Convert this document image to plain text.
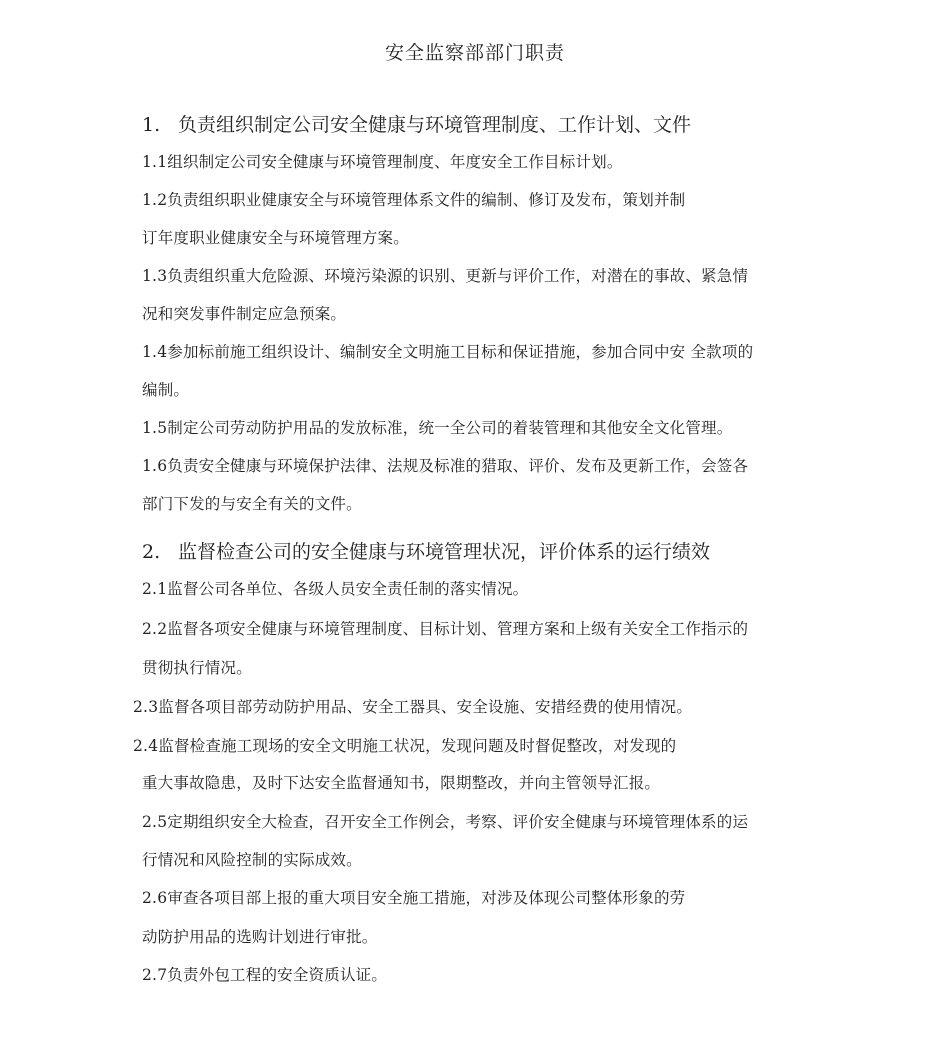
安全监察部部门职责
1. 负责组织制定公司安全健康与环境管理制度、工作计划、文件
1.1组织制定公司安全健康与环境管理制度、年度安全工作目标计划。
1.2负责组织职业健康安全与环境管理体系文件的编制、修订及发布，策划并制
订年度职业健康安全与环境管理方案。
1.3负责组织重大危险源、环境污染源的识别、更新与评价工作，对潜在的事故、紧急情
况和突发事件制定应急预案。
1.4参加标前施工组织设计、编制安全文明施工目标和保证措施，参加合同中安 全款项的
编制。
1.5制定公司劳动防护用品的发放标准，统一全公司的着装管理和其他安全文化管理。
1.6负责安全健康与环境保护法律、法规及标准的猎取、评价、发布及更新工作，会签各
部门下发的与安全有关的文件。
2. 监督检查公司的安全健康与环境管理状况，评价体系的运行绩效
2.1监督公司各单位、各级人员安全责任制的落实情况。
2.2监督各项安全健康与环境管理制度、目标计划、管理方案和上级有关安全工作指示的
贯彻执行情况。
2.3监督各项目部劳动防护用品、安全工器具、安全设施、安措经费的使用情况。
2.4监督检查施工现场的安全文明施工状况，发现问题及时督促整改，对发现的
重大事故隐患，及时下达安全监督通知书，限期整改，并向主管领导汇报。
2.5定期组织安全大检查，召开安全工作例会，考察、评价安全健康与环境管理体系的运
行情况和风险控制的实际成效。
2.6审查各项目部上报的重大项目安全施工措施，对涉及体现公司整体形象的劳
动防护用品的选购计划进行审批。
2.7负责外包工程的安全资质认证。
